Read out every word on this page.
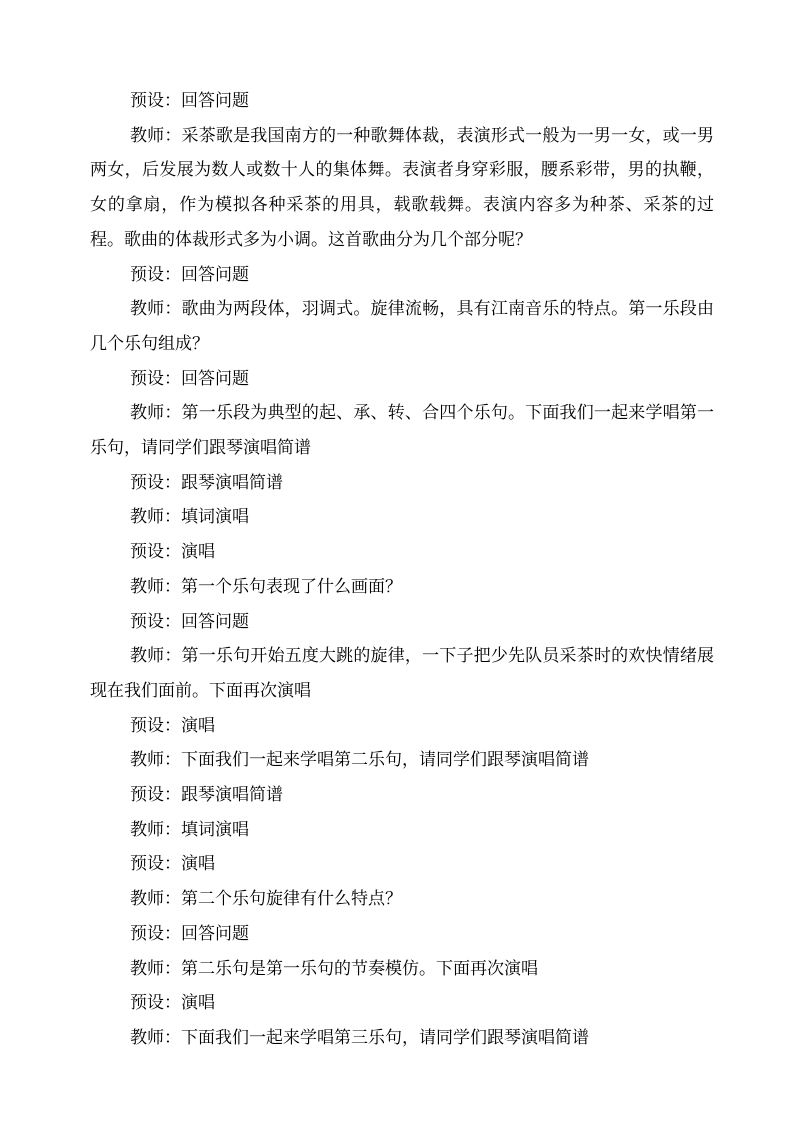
预设：回答问题

教师：采茶歌是我国南方的一种歌舞体裁，表演形式一般为一男一女，或一男两女，后发展为数人或数十人的集体舞。表演者身穿彩服，腰系彩带，男的执鞭，女的拿扇，作为模拟各种采茶的用具，载歌载舞。表演内容多为种茶、采茶的过程。歌曲的体裁形式多为小调。这首歌曲分为几个部分呢？

预设：回答问题

教师：歌曲为两段体，羽调式。旋律流畅，具有江南音乐的特点。第一乐段由几个乐句组成？

预设：回答问题

教师：第一乐段为典型的起、承、转、合四个乐句。下面我们一起来学唱第一乐句，请同学们跟琴演唱简谱

预设：跟琴演唱简谱

教师：填词演唱

预设：演唱

教师：第一个乐句表现了什么画面？

预设：回答问题

教师：第一乐句开始五度大跳的旋律，一下子把少先队员采茶时的欢快情绪展现在我们面前。下面再次演唱

预设：演唱

教师：下面我们一起来学唱第二乐句，请同学们跟琴演唱简谱

预设：跟琴演唱简谱

教师：填词演唱

预设：演唱

教师：第二个乐句旋律有什么特点？

预设：回答问题

教师：第二乐句是第一乐句的节奏模仿。下面再次演唱

预设：演唱

教师：下面我们一起来学唱第三乐句，请同学们跟琴演唱简谱
